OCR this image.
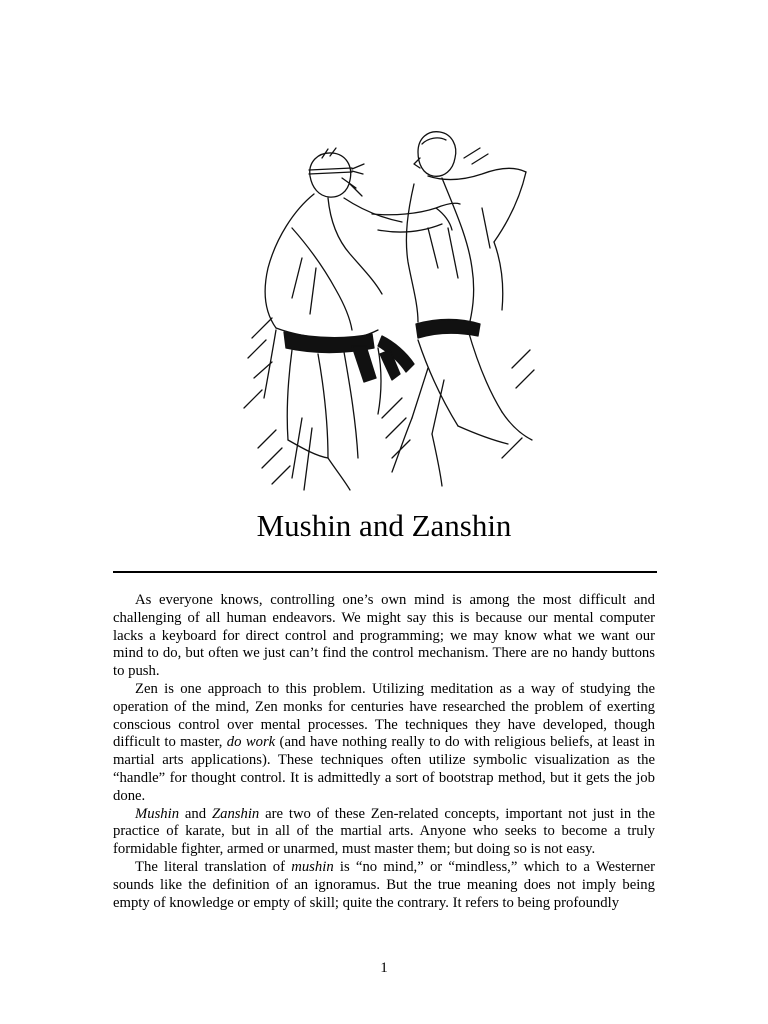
Mushin and Zanshin

As everyone knows, controlling one’s own mind is among the most difficult and challenging of all human endeavors. We might say this is because our mental computer lacks a keyboard for direct control and programming; we may know what we want our mind to do, but often we just can’t find the control mechanism. There are no handy buttons to push.

Zen is one approach to this problem. Utilizing meditation as a way of studying the operation of the mind, Zen monks for centuries have researched the problem of exerting conscious control over mental processes. The techniques they have developed, though difficult to master, do work (and have nothing really to do with religious beliefs, at least in martial arts applications). These techniques often utilize symbolic visualization as the “handle” for thought control. It is admittedly a sort of bootstrap method, but it gets the job done.

Mushin and Zanshin are two of these Zen-related concepts, important not just in the practice of karate, but in all of the martial arts. Anyone who seeks to become a truly formidable fighter, armed or unarmed, must master them; but doing so is not easy.

The literal translation of mushin is “no mind,” or “mindless,” which to a Westerner sounds like the definition of an ignoramus. But the true meaning does not imply being empty of knowledge or empty of skill; quite the contrary. It refers to being profoundly

1
